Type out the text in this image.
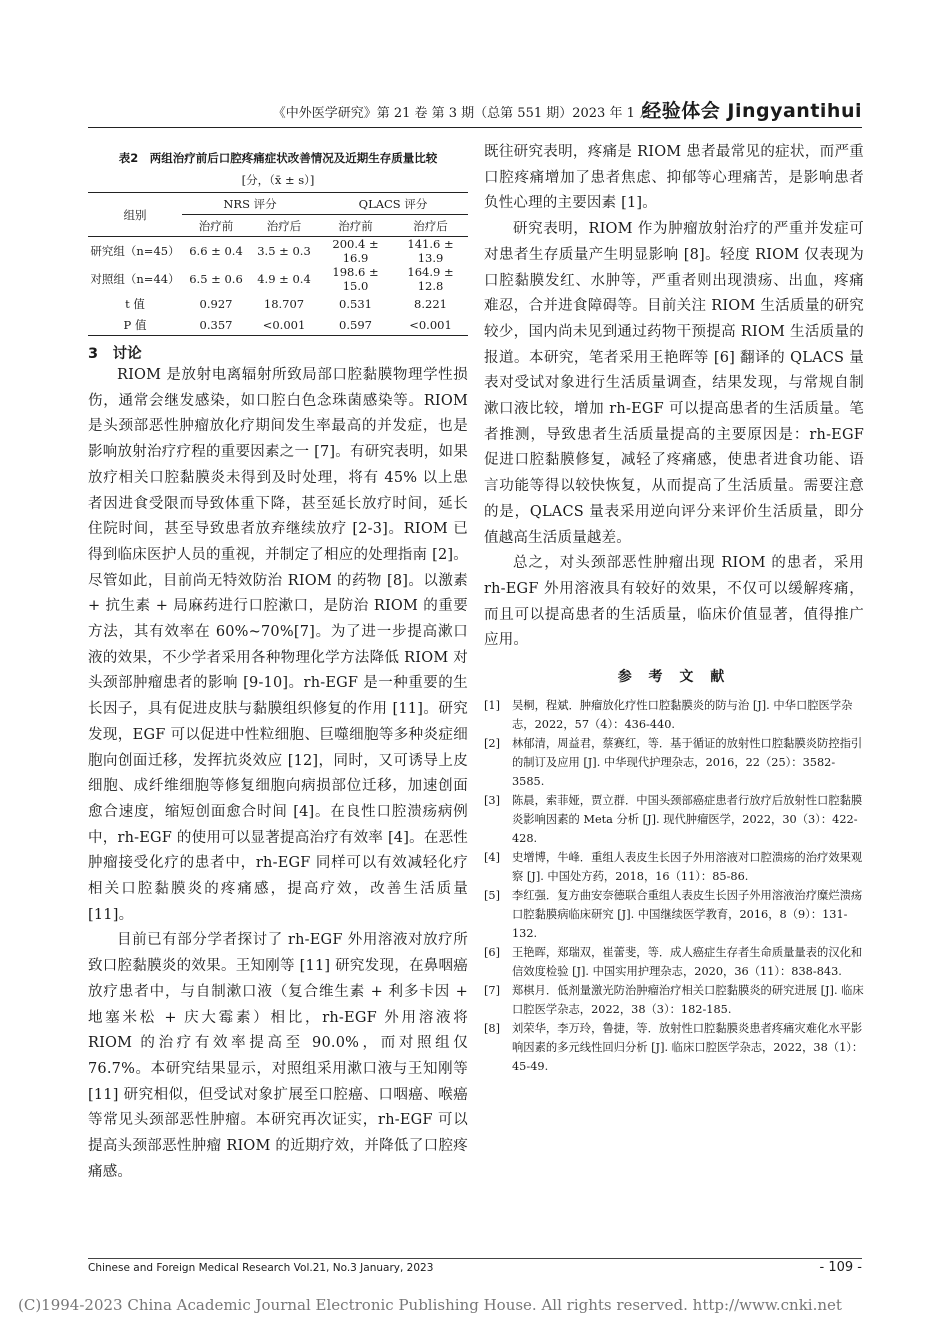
《中外医学研究》第 21 卷 第 3 期（总第 551 期）2023 年 1 月
经验体会 Jingyantihui
表2　两组治疗前后口腔疼痛症状改善情况及近期生存质量比较
[分，（x̄ ± s）]
组别	NRS 评分		QLACS 评分	
	治疗前	治疗后	治疗前	治疗后
研究组（n=45）	6.6 ± 0.4	3.5 ± 0.3	200.4 ± 16.9	141.6 ± 13.9
对照组（n=44）	6.5 ± 0.6	4.9 ± 0.4	198.6 ± 15.0	164.9 ± 12.8
t 值	0.927	18.707	0.531	8.221
P 值	0.357	<0.001	0.597	<0.001
3　讨论

RIOM 是放射电离辐射所致局部口腔黏膜物理学性损伤，通常会继发感染，如口腔白色念珠菌感染等。RIOM 是头颈部恶性肿瘤放化疗期间发生率最高的并发症，也是影响放射治疗疗程的重要因素之一 [7]。有研究表明，如果放疗相关口腔黏膜炎未得到及时处理，将有 45% 以上患者因进食受限而导致体重下降，甚至延长放疗时间，延长住院时间，甚至导致患者放弃继续放疗 [2-3]。RIOM 已得到临床医护人员的重视，并制定了相应的处理指南 [2]。尽管如此，目前尚无特效防治 RIOM 的药物 [8]。以激素 + 抗生素 + 局麻药进行口腔漱口，是防治 RIOM 的重要方法，其有效率在 60%~70%[7]。为了进一步提高漱口液的效果，不少学者采用各种物理化学方法降低 RIOM 对头颈部肿瘤患者的影响 [9-10]。rh-EGF 是一种重要的生长因子，具有促进皮肤与黏膜组织修复的作用 [11]。研究发现，EGF 可以促进中性粒细胞、巨噬细胞等多种炎症细胞向创面迁移，发挥抗炎效应 [12]，同时，又可诱导上皮细胞、成纤维细胞等修复细胞向病损部位迁移，加速创面愈合速度，缩短创面愈合时间 [4]。在良性口腔溃疡病例中，rh-EGF 的使用可以显著提高治疗有效率 [4]。在恶性肿瘤接受化疗的患者中，rh-EGF 同样可以有效减轻化疗相关口腔黏膜炎的疼痛感，提高疗效，改善生活质量 [11]。

目前已有部分学者探讨了 rh-EGF 外用溶液对放疗所致口腔黏膜炎的效果。王知刚等 [11] 研究发现，在鼻咽癌放疗患者中，与自制漱口液（复合维生素 + 利多卡因 + 地塞米松 + 庆大霉素）相比，rh-EGF 外用溶液将 RIOM 的治疗有效率提高至 90.0%，而对照组仅 76.7%。本研究结果显示，对照组采用漱口液与王知刚等 [11] 研究相似，但受试对象扩展至口腔癌、口咽癌、喉癌等常见头颈部恶性肿瘤。本研究再次证实，rh-EGF 可以提高头颈部恶性肿瘤 RIOM 的近期疗效，并降低了口腔疼痛感。

既往研究表明，疼痛是 RIOM 患者最常见的症状，而严重口腔疼痛增加了患者焦虑、抑郁等心理痛苦，是影响患者负性心理的主要因素 [1]。

研究表明，RIOM 作为肿瘤放射治疗的严重并发症可对患者生存质量产生明显影响 [8]。轻度 RIOM 仅表现为口腔黏膜发红、水肿等，严重者则出现溃疡、出血，疼痛难忍，合并进食障碍等。目前关注 RIOM 生活质量的研究较少，国内尚未见到通过药物干预提高 RIOM 生活质量的报道。本研究，笔者采用王艳晖等 [6] 翻译的 QLACS 量表对受试对象进行生活质量调查，结果发现，与常规自制漱口液比较，增加 rh-EGF 可以提高患者的生活质量。笔者推测，导致患者生活质量提高的主要原因是：rh-EGF 促进口腔黏膜修复，减轻了疼痛感，使患者进食功能、语言功能等得以较快恢复，从而提高了生活质量。需要注意的是，QLACS 量表采用逆向评分来评价生活质量，即分值越高生活质量越差。

总之，对头颈部恶性肿瘤出现 RIOM 的患者，采用 rh-EGF 外用溶液具有较好的效果，不仅可以缓解疼痛，而且可以提高患者的生活质量，临床价值显著，值得推广应用。

参 考 文 献
[1] 吴桐，程斌．肿瘤放化疗性口腔黏膜炎的防与治 [J]. 中华口腔医学杂志，2022，57（4）：436-440.
[2] 林郁清，周益君，蔡赛红，等．基于循证的放射性口腔黏膜炎防控指引的制订及应用 [J]. 中华现代护理杂志，2016，22（25）：3582-3585.
[3] 陈晨，索菲娅，贾立群．中国头颈部癌症患者行放疗后放射性口腔黏膜炎影响因素的 Meta 分析 [J]. 现代肿瘤医学，2022，30（3）：422-428.
[4] 史增博，牛峰．重组人表皮生长因子外用溶液对口腔溃疡的治疗效果观察 [J]. 中国处方药，2018，16（11）：85-86.
[5] 李红强．复方曲安奈德联合重组人表皮生长因子外用溶液治疗糜烂溃疡口腔黏膜病临床研究 [J]. 中国继续医学教育，2016，8（9）：131-132.
[6] 王艳晖，郑瑞双，崔蕾斐，等．成人癌症生存者生命质量量表的汉化和信效度检验 [J]. 中国实用护理杂志，2020，36（11）：838-843.
[7] 郑棋月．低剂量激光防治肿瘤治疗相关口腔黏膜炎的研究进展 [J]. 临床口腔医学杂志，2022，38（3）：182-185.
[8] 刘荣华，李万玲，鲁捷，等．放射性口腔黏膜炎患者疼痛灾难化水平影响因素的多元线性回归分析 [J]. 临床口腔医学杂志，2022，38（1）：45-49.
Chinese and Foreign Medical Research Vol.21, No.3 January, 2023	- 109 -
(C)1994-2023 China Academic Journal Electronic Publishing House. All rights reserved. http://www.cnki.net
